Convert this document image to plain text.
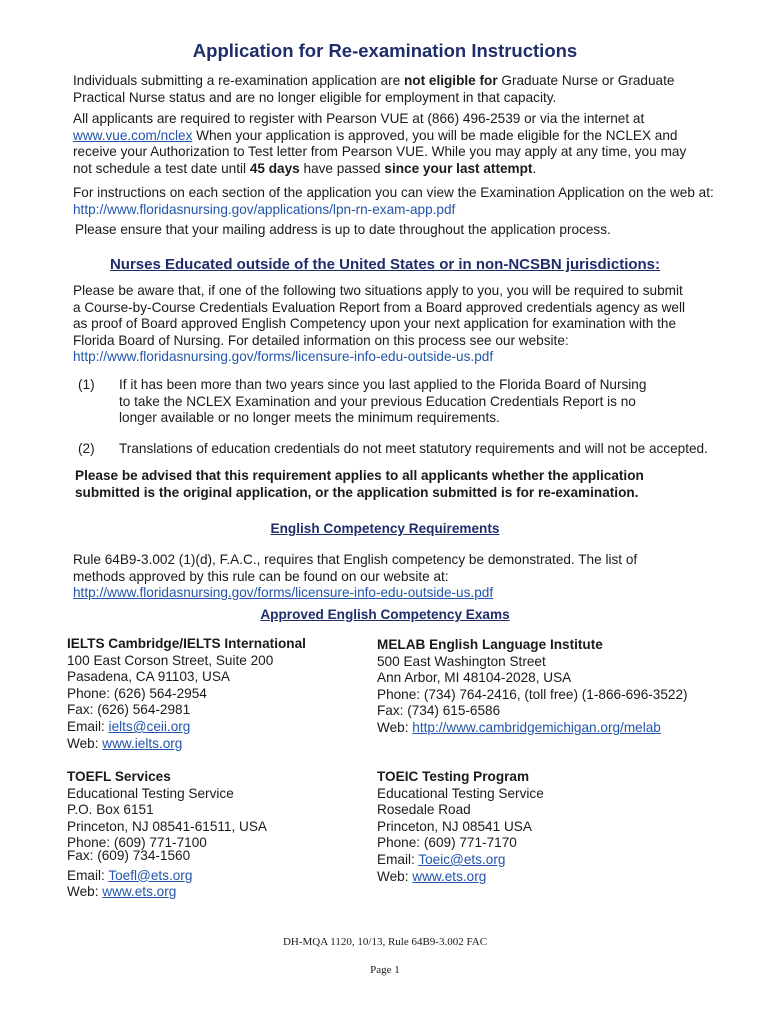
Application for Re-examination Instructions

Individuals submitting a re-examination application are not eligible for Graduate Nurse or Graduate Practical Nurse status and are no longer eligible for employment in that capacity.

All applicants are required to register with Pearson VUE at (866) 496-2539 or via the internet at
www.vue.com/nclex When your application is approved, you will be made eligible for the NCLEX and receive your Authorization to Test letter from Pearson VUE. While you may apply at any time, you may not schedule a test date until 45 days have passed since your last attempt.

For instructions on each section of the application you can view the Examination Application on the web at:
http://www.floridasnursing.gov/applications/lpn-rn-exam-app.pdf

Please ensure that your mailing address is up to date throughout the application process.

Nurses Educated outside of the United States or in non-NCSBN jurisdictions:

Please be aware that, if one of the following two situations apply to you, you will be required to submit a Course-by-Course Credentials Evaluation Report from a Board approved credentials agency as well as proof of Board approved English Competency upon your next application for examination with the Florida Board of Nursing. For detailed information on this process see our website:
http://www.floridasnursing.gov/forms/licensure-info-edu-outside-us.pdf

(1) If it has been more than two years since you last applied to the Florida Board of Nursing to take the NCLEX Examination and your previous Education Credentials Report is no longer available or no longer meets the minimum requirements.

(2) Translations of education credentials do not meet statutory requirements and will not be accepted.

Please be advised that this requirement applies to all applicants whether the application submitted is the original application, or the application submitted is for re-examination.

English Competency Requirements

Rule 64B9-3.002 (1)(d), F.A.C., requires that English competency be demonstrated. The list of methods approved by this rule can be found on our website at:
http://www.floridasnursing.gov/forms/licensure-info-edu-outside-us.pdf

Approved English Competency Exams
IELTS Cambridge/IELTS International
100 East Corson Street, Suite 200
Pasadena, CA 91103, USA
Phone: (626) 564-2954
Fax: (626) 564-2981
Email: ielts@ceii.org
Web: www.ielts.org
MELAB English Language Institute
500 East Washington Street
Ann Arbor, MI 48104-2028, USA
Phone: (734) 764-2416, (toll free) (1-866-696-3522)
Fax: (734) 615-6586
Web: http://www.cambridgemichigan.org/melab
TOEFL Services
Educational Testing Service
P.O. Box 6151
Princeton, NJ 08541-61511, USA
Phone: (609) 771-7100
Fax: (609) 734-1560
Email: Toefl@ets.org
Web: www.ets.org
TOEIC Testing Program
Educational Testing Service
Rosedale Road
Princeton, NJ 08541 USA
Phone: (609) 771-7170
Email: Toeic@ets.org
Web: www.ets.org
DH-MQA 1120, 10/13, Rule 64B9-3.002 FAC
Page 1
